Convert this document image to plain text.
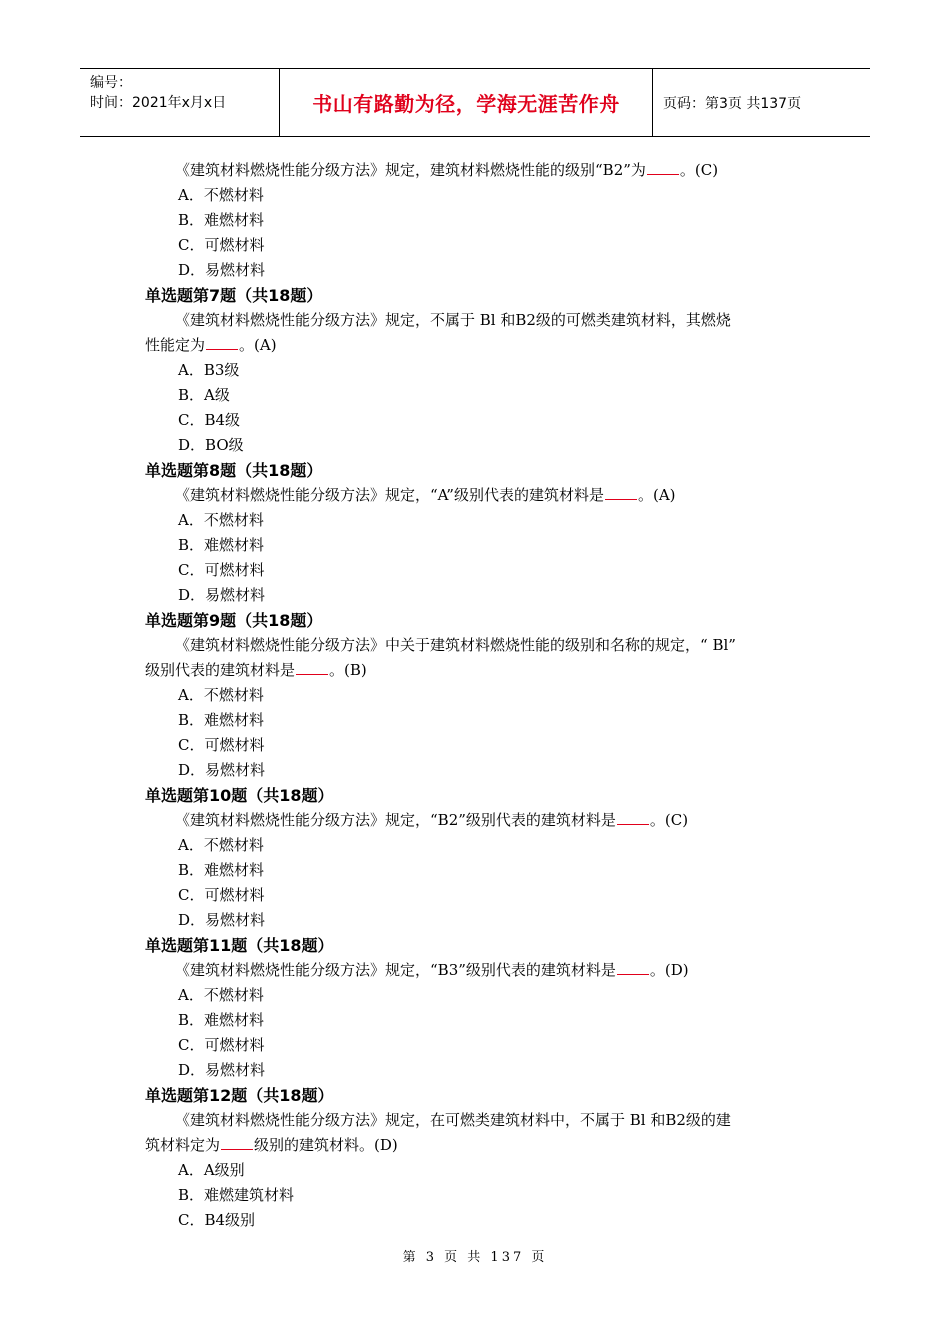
编号：
时间：2021年x月x日	书山有路勤为径，学海无涯苦作舟	页码：第3页 共137页
《建筑材料燃烧性能分级方法》规定，建筑材料燃烧性能的级别“B2”为 。(C)
A．不燃材料
B．难燃材料
C．可燃材料
D．易燃材料
单选题第7题（共18题）
《建筑材料燃烧性能分级方法》规定，不属于 Bl 和B2级的可燃类建筑材料，其燃烧
性能定为 。(A)
A．B3级
B．A级
C．B4级
D．BO级
单选题第8题（共18题）
《建筑材料燃烧性能分级方法》规定，“A”级别代表的建筑材料是 。(A)
A．不燃材料
B．难燃材料
C．可燃材料
D．易燃材料
单选题第9题（共18题）
《建筑材料燃烧性能分级方法》中关于建筑材料燃烧性能的级别和名称的规定，“ Bl”
级别代表的建筑材料是 。(B)
A．不燃材料
B．难燃材料
C．可燃材料
D．易燃材料
单选题第10题（共18题）
《建筑材料燃烧性能分级方法》规定，“B2”级别代表的建筑材料是 。(C)
A．不燃材料
B．难燃材料
C．可燃材料
D．易燃材料
单选题第11题（共18题）
《建筑材料燃烧性能分级方法》规定，“B3”级别代表的建筑材料是 。(D)
A．不燃材料
B．难燃材料
C．可燃材料
D．易燃材料
单选题第12题（共18题）
《建筑材料燃烧性能分级方法》规定，在可燃类建筑材料中，不属于 Bl 和B2级的建
筑材料定为 级别的建筑材料。(D)
A．A级别
B．难燃建筑材料
C．B4级别
第 3 页 共 137 页
